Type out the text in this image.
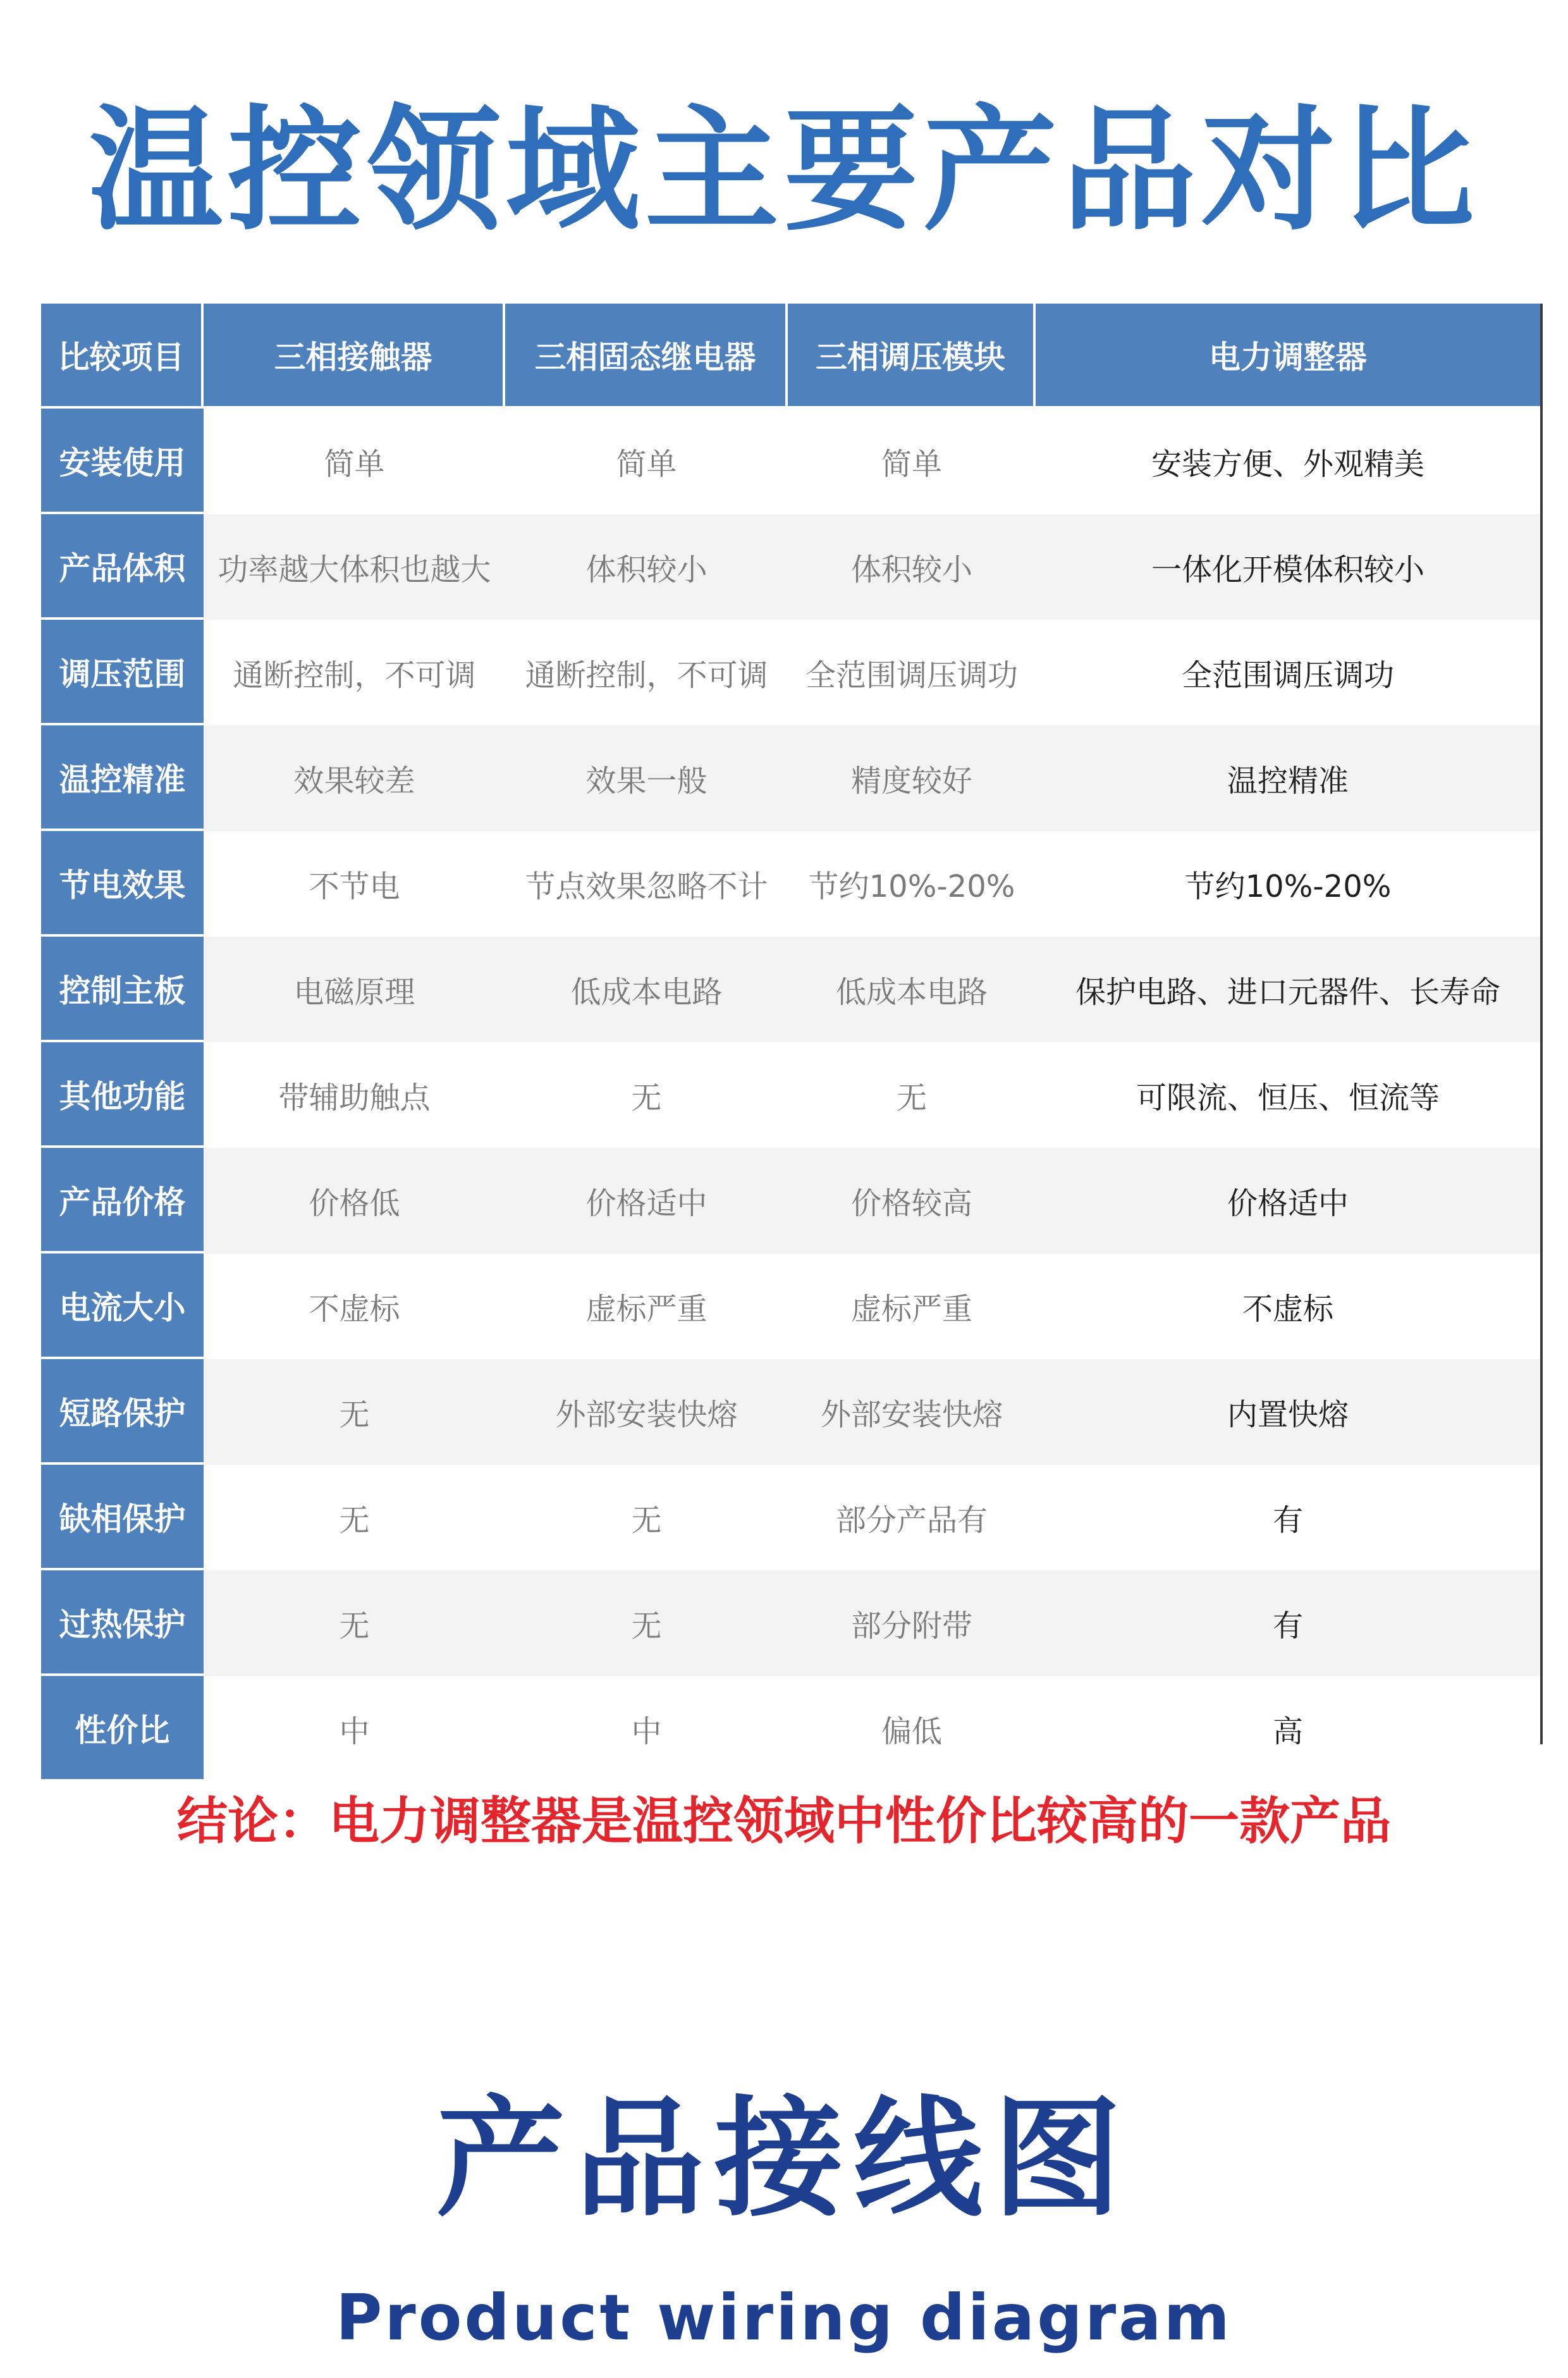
温控领域主要产品对比
比较项目	三相接触器	三相固态继电器	三相调压模块	电力调整器
安装使用	简单	简单	简单	安装方便、外观精美
产品体积	功率越大体积也越大	体积较小	体积较小	一体化开模体积较小
调压范围	通断控制，不可调	通断控制，不可调	全范围调压调功	全范围调压调功
温控精准	效果较差	效果一般	精度较好	温控精准
节电效果	不节电	节点效果忽略不计	节约10%-20%	节约10%-20%
控制主板	电磁原理	低成本电路	低成本电路	保护电路、进口元器件、长寿命
其他功能	带辅助触点	无	无	可限流、恒压、恒流等
产品价格	价格低	价格适中	价格较高	价格适中
电流大小	不虚标	虚标严重	虚标严重	不虚标
短路保护	无	外部安装快熔	外部安装快熔	内置快熔
缺相保护	无	无	部分产品有	有
过热保护	无	无	部分附带	有
性价比	中	中	偏低	高
结论：电力调整器是温控领域中性价比较高的一款产品
产品接线图
Product wiring diagram
